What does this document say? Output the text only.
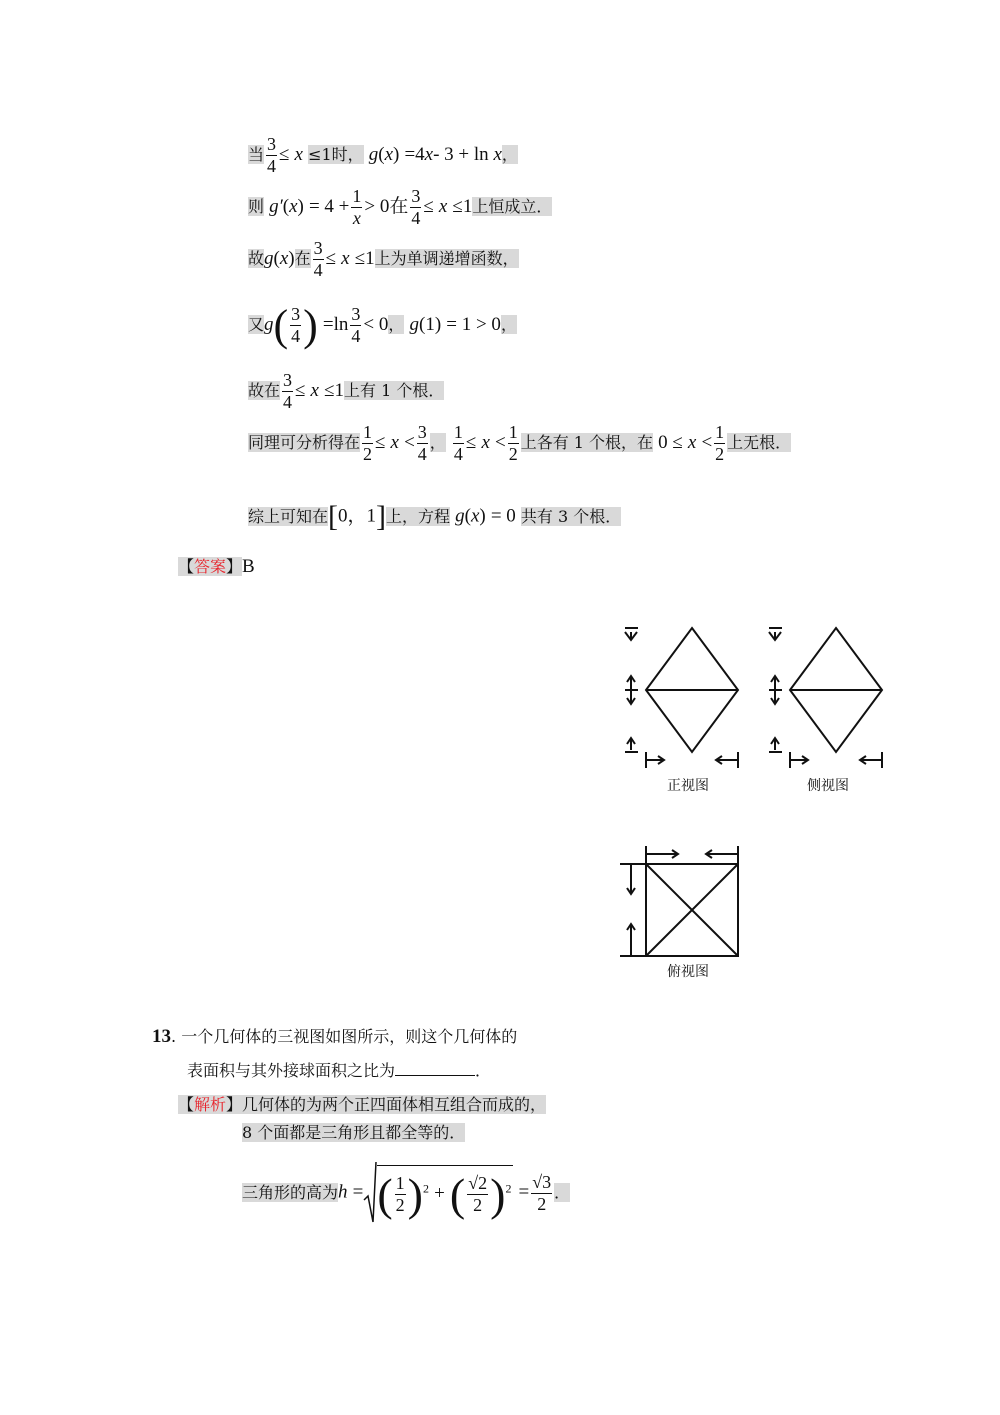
当 $\frac{3}{4} \le x \le 1$时， g(x) =4x- 3 + ln x，
则 $g'(x) = 4 + \frac{1}{x} > 0$在 $\frac{3}{4} \le x \le 1$上恒成立．
故g(x)在 $\frac{3}{4} \le x \le 1$上为单调递增函数，
又$g( \frac{3}{4}$ ) $=\ln \frac{3}{4} < 0$， g(1) = 1 > 0，
故在 $\frac{3}{4} \le x \le 1$上有 1 个根．
同理可分析得在 $\frac{1}{2} \le x < \frac{3}{4}$ ， $\frac{1}{4} \le x < \frac{1}{2}$ 上各有 1 个根，在 $0 \le x < \frac{1}{2}$ 上无根．
综上可知在[0，1]上，方程 g(x) = 0 共有 3 个根．
【答案】B
正视图	侧视图
俯视图
13. 一个几何体的三视图如图所示，则这个几何体的
表面积与其外接球面积之比为	．
【解析】几何体的为两个正四面体相互组合而成的，
8 个面都是三角形且都全等的．
三角形的高为h = ( $\frac{1}{2} )^2$ + ( $\frac{√2}{2} )^2 = \frac{√3}{2}$ ．
